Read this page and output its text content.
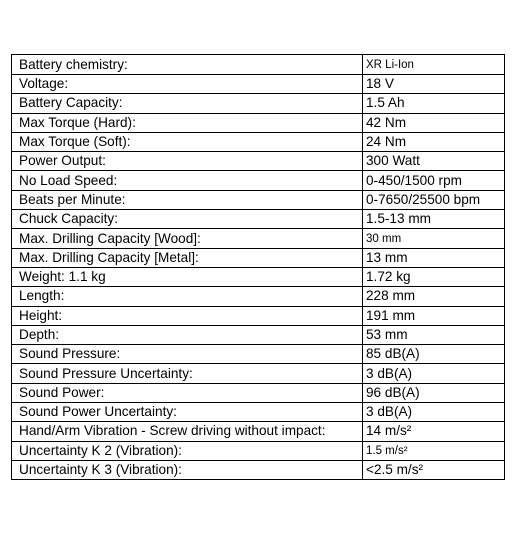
Battery chemistry:	XR Li-Ion
Voltage:	18 V
Battery Capacity:	1.5 Ah
Max Torque (Hard):	42 Nm
Max Torque (Soft):	24 Nm
Power Output:	300 Watt
No Load Speed:	0-450/1500 rpm
Beats per Minute:	0-7650/25500 bpm
Chuck Capacity:	1.5-13 mm
Max. Drilling Capacity [Wood]:	30 mm
Max. Drilling Capacity [Metal]:	13 mm
Weight: 1.1 kg	1.72 kg
Length:	228 mm
Height:	191 mm
Depth:	53 mm
Sound Pressure:	85 dB(A)
Sound Pressure Uncertainty:	3 dB(A)
Sound Power:	96 dB(A)
Sound Power Uncertainty:	3 dB(A)
Hand/Arm Vibration - Screw driving without impact:	14 m/s²
Uncertainty K 2 (Vibration):	1.5 m/s²
Uncertainty K 3 (Vibration):	<2.5 m/s²
